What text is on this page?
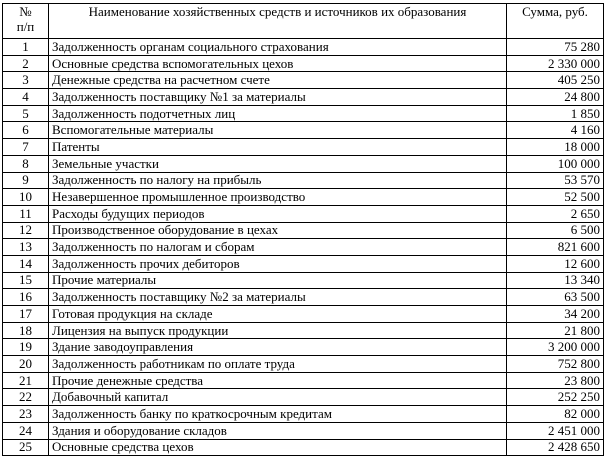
№
п/п	Наименование хозяйственных средств и источников их образования	Сумма, руб.
1	Задолженность органам социального страхования	75 280
2	Основные средства вспомогательных цехов	2 330 000
3	Денежные средства на расчетном счете	405 250
4	Задолженность поставщику №1 за материалы	24 800
5	Задолженность подотчетных лиц	1 850
6	Вспомогательные материалы	4 160
7	Патенты	18 000
8	Земельные участки	100 000
9	Задолженность по налогу на прибыль	53 570
10	Незавершенное промышленное производство	52 500
11	Расходы будущих периодов	2 650
12	Производственное оборудование в цехах	6 500
13	Задолженность по налогам и сборам	821 600
14	Задолженность прочих дебиторов	12 600
15	Прочие материалы	13 340
16	Задолженность поставщику №2 за материалы	63 500
17	Готовая продукция на складе	34 200
18	Лицензия на выпуск продукции	21 800
19	Здание заводоуправления	3 200 000
20	Задолженность работникам по оплате труда	752 800
21	Прочие денежные средства	23 800
22	Добавочный капитал	252 250
23	Задолженность банку по краткосрочным кредитам	82 000
24	Здания и оборудование складов	2 451 000
25	Основные средства цехов	2 428 650
